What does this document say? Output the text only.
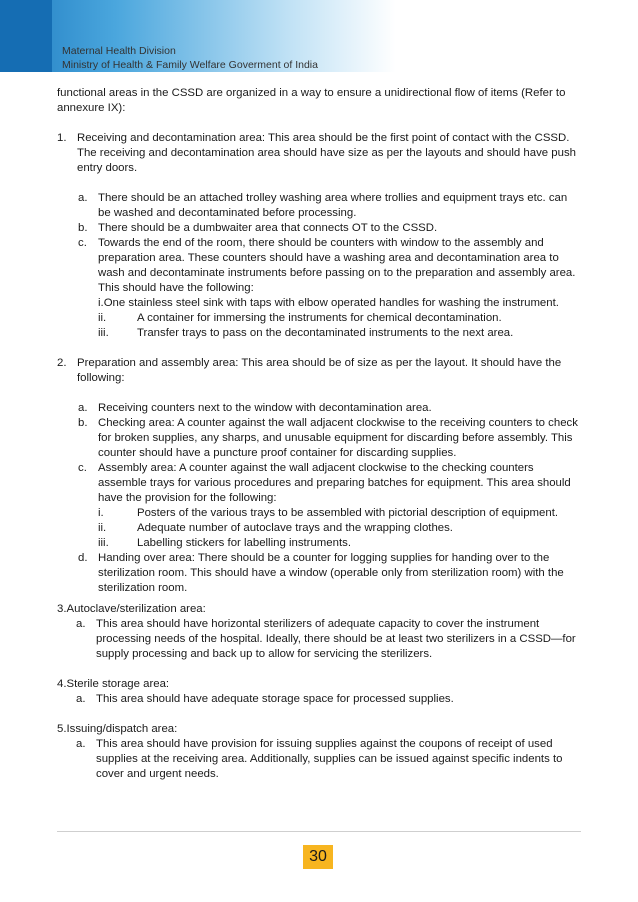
Maternal Health Division
Ministry of Health & Family Welfare Goverment of India

functional areas in the CSSD are organized in a way to ensure a unidirectional flow of items (Refer to annexure IX):

1. Receiving and decontamination area: This area should be the first point of contact with the CSSD. The receiving and decontamination area should have size as per the layouts and should have push entry doors.
a. There should be an attached trolley washing area where trollies and equipment trays etc. can be washed and decontaminated before processing.
b. There should be a dumbwaiter area that connects OT to the CSSD.
c. Towards the end of the room, there should be counters with window to the assembly and preparation area. These counters should have a washing area and decontamination area to wash and decontaminate instruments before passing on to the preparation and assembly area. This should have the following:
i.One stainless steel sink with taps with elbow operated handles for washing the instrument.
ii.	A container for immersing the instruments for chemical decontamination.
iii. Transfer trays to pass on the decontaminated instruments to the next area.
2. Preparation and assembly area: This area should be of size as per the layout. It should have the following:
a. Receiving counters next to the window with decontamination area.
b. Checking area: A counter against the wall adjacent clockwise to the receiving counters to check for broken supplies, any sharps, and unusable equipment for discarding before assembly. This counter should have a puncture proof container for discarding supplies.
c. Assembly area: A counter against the wall adjacent clockwise to the checking counters assemble trays for various procedures and preparing batches for equipment. This area should have the provision for the following:
i.	Posters of the various trays to be assembled with pictorial description of equipment.
ii.	Adequate number of autoclave trays and the wrapping clothes.
iii. Labelling stickers for labelling instruments.
d. Handing over area: There should be a counter for logging supplies for handing over to the sterilization room. This should have a window (operable only from sterilization room) with the sterilization room.
3.Autoclave/sterilization area:
a. This area should have horizontal sterilizers of adequate capacity to cover the instrument processing needs of the hospital. Ideally, there should be at least two sterilizers in a CSSD—for supply processing and back up to allow for servicing the sterilizers.
4.Sterile storage area:
a. This area should have adequate storage space for processed supplies.
5.Issuing/dispatch area:
a. This area should have provision for issuing supplies against the coupons of receipt of used supplies at the receiving area. Additionally, supplies can be issued against specific indents to cover and urgent needs.
30
